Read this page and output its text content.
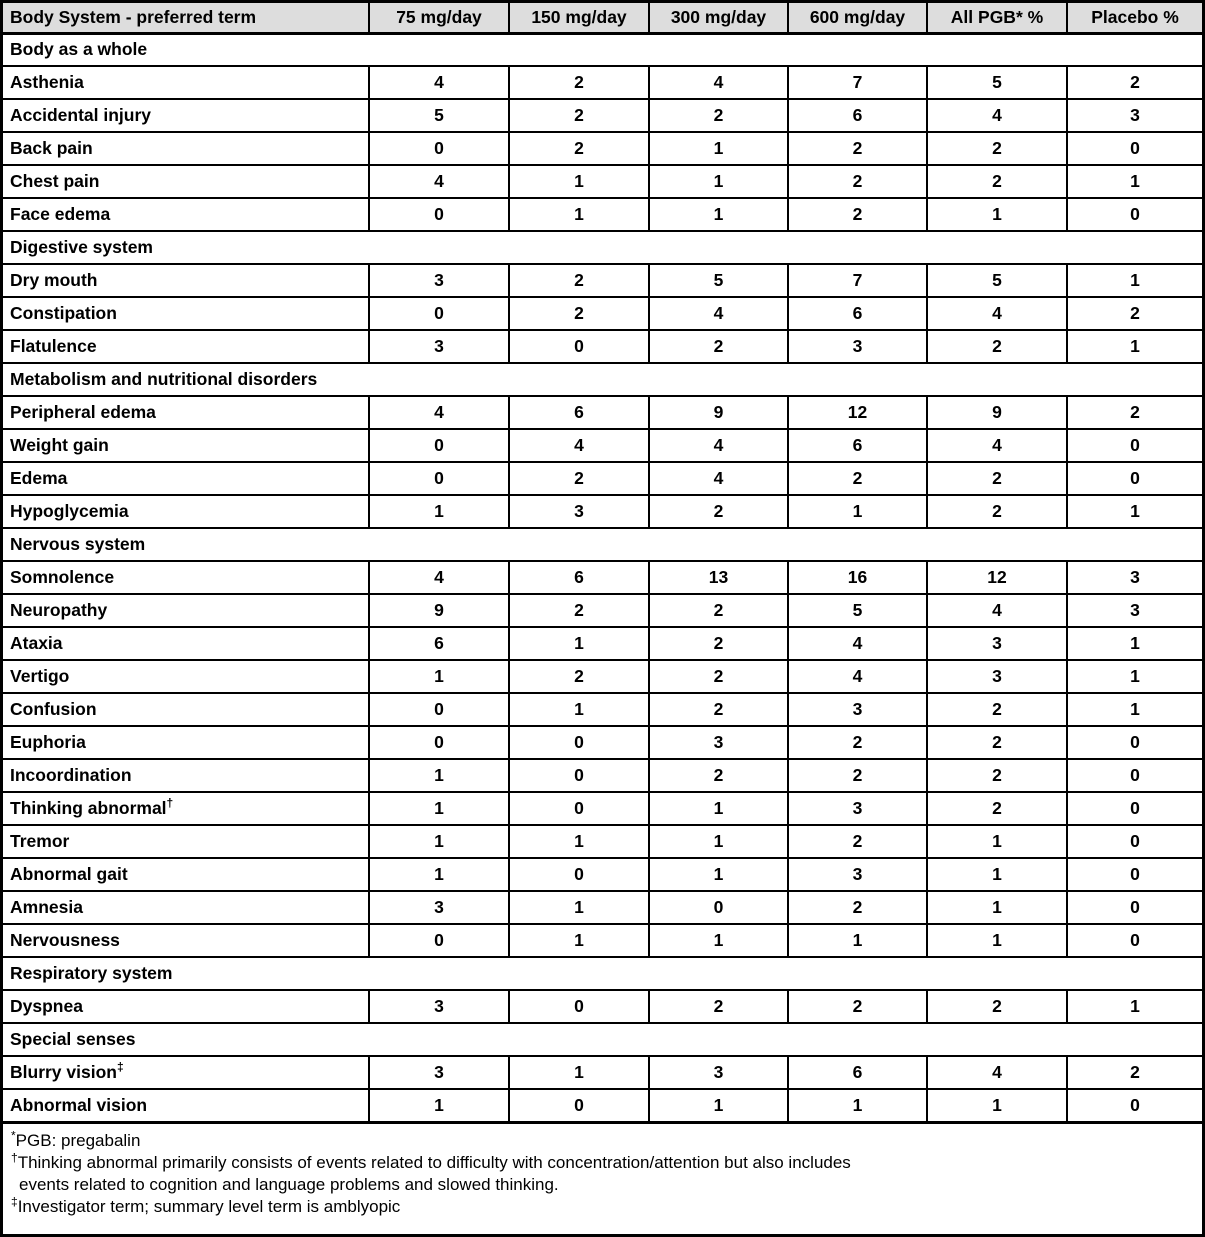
Body System - preferred term	75 mg/day	150 mg/day	300 mg/day	600 mg/day	All PGB* %	Placebo %
Body as a whole						
Asthenia	4	2	4	7	5	2
Accidental injury	5	2	2	6	4	3
Back pain	0	2	1	2	2	0
Chest pain	4	1	1	2	2	1
Face edema	0	1	1	2	1	0
Digestive system						
Dry mouth	3	2	5	7	5	1
Constipation	0	2	4	6	4	2
Flatulence	3	0	2	3	2	1
Metabolism and nutritional disorders						
Peripheral edema	4	6	9	12	9	2
Weight gain	0	4	4	6	4	0
Edema	0	2	4	2	2	0
Hypoglycemia	1	3	2	1	2	1
Nervous system						
Somnolence	4	6	13	16	12	3
Neuropathy	9	2	2	5	4	3
Ataxia	6	1	2	4	3	1
Vertigo	1	2	2	4	3	1
Confusion	0	1	2	3	2	1
Euphoria	0	0	3	2	2	0
Incoordination	1	0	2	2	2	0
Thinking abnormal†	1	0	1	3	2	0
Tremor	1	1	1	2	1	0
Abnormal gait	1	0	1	3	1	0
Amnesia	3	1	0	2	1	0
Nervousness	0	1	1	1	1	0
Respiratory system						
Dyspnea	3	0	2	2	2	1
Special senses						
Blurry vision‡	3	1	3	6	4	2
Abnormal vision	1	0	1	1	1	0
*PGB: pregabalin
†Thinking abnormal primarily consists of events related to difficulty with concentration/attention but also includes
events related to cognition and language problems and slowed thinking.
‡Investigator term; summary level term is amblyopic
